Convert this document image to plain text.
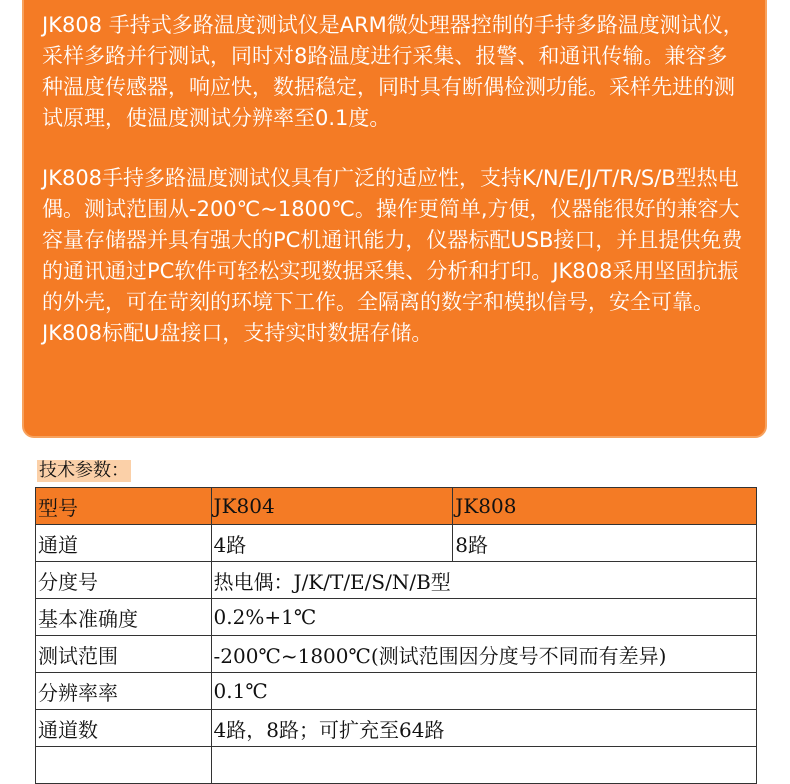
JK808 手持式多路温度测试仪是ARM微处理器控制的手持多路温度测试仪，采样多路并行测试，同时对8路温度进行采集、报警、和通讯传输。兼容多种温度传感器，响应快，数据稳定，同时具有断偶检测功能。采样先进的测试原理，使温度测试分辨率至0.1度。

JK808手持多路温度测试仪具有广泛的适应性，支持K/N/E/J/T/R/S/B型热电偶。测试范围从-200℃~1800℃。操作更简单,方便，仪器能很好的兼容大容量存储器并具有强大的PC机通讯能力，仪器标配USB接口，并且提供免费的通讯通过PC软件可轻松实现数据采集、分析和打印。JK808采用坚固抗振的外壳，可在苛刻的环境下工作。全隔离的数字和模拟信号，安全可靠。JK808标配U盘接口，支持实时数据存储。

技术参数：
型号	JK804	JK808
通道	4路	8路
分度号	热电偶：J/K/T/E/S/N/B型	
基本准确度	0.2%+1℃	
测试范围	-200℃~1800℃(测试范围因分度号不同而有差异)	
分辨率率	0.1℃	
通道数	4路，8路；可扩充至64路	
